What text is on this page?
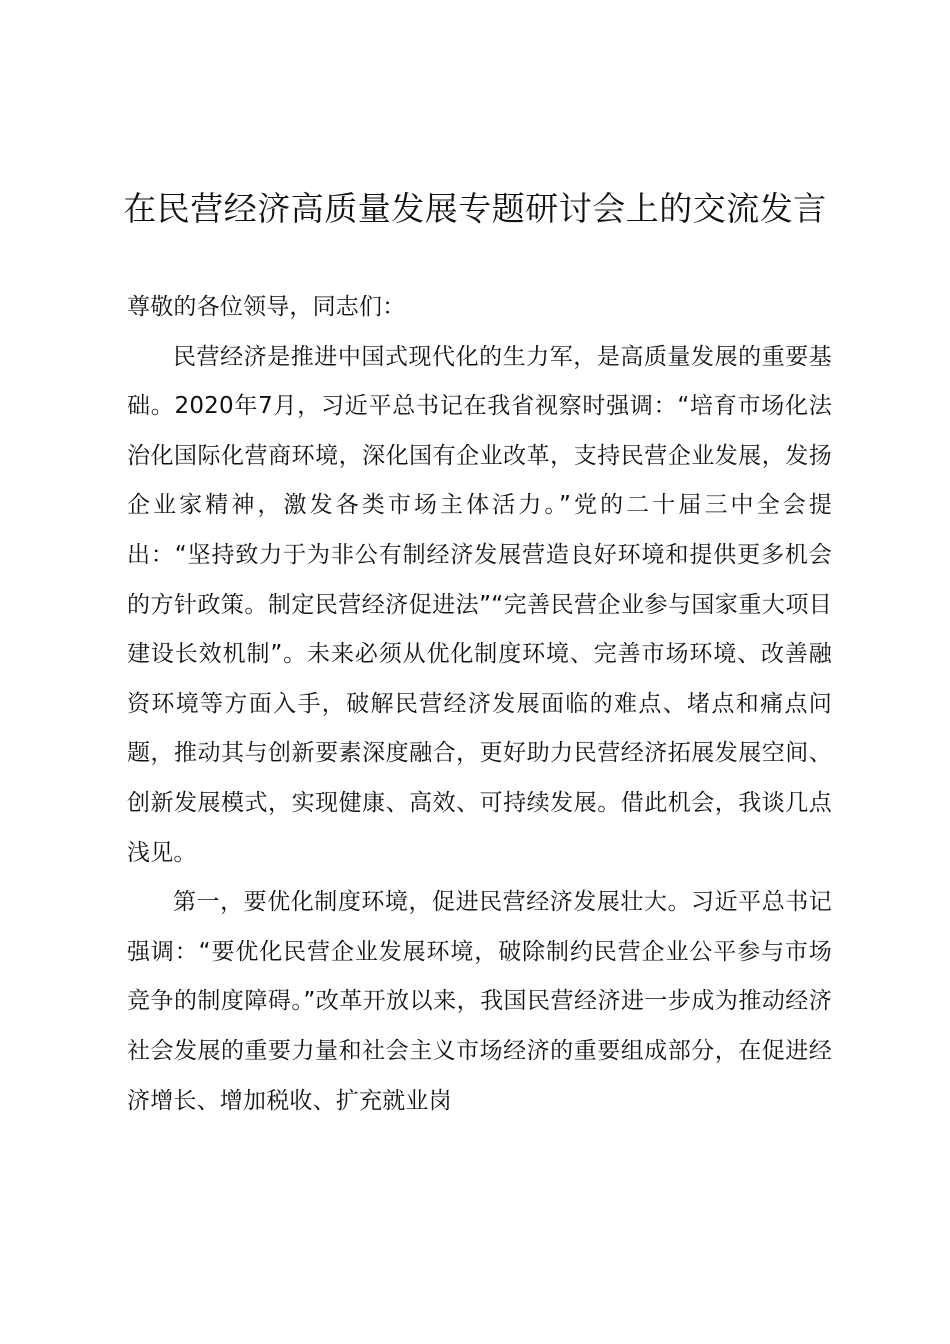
在民营经济高质量发展专题研讨会上的交流发言

尊敬的各位领导，同志们：

民营经济是推进中国式现代化的生力军，是高质量发展的重要基础。2020年7月，习近平总书记在我省视察时强调：“培育市场化法治化国际化营商环境，深化国有企业改革，支持民营企业发展，发扬企业家精神，激发各类市场主体活力。”党的二十届三中全会提出：“坚持致力于为非公有制经济发展营造良好环境和提供更多机会的方针政策。制定民营经济促进法”“完善民营企业参与国家重大项目建设长效机制”。未来必须从优化制度环境、完善市场环境、改善融资环境等方面入手，破解民营经济发展面临的难点、堵点和痛点问题，推动其与创新要素深度融合，更好助力民营经济拓展发展空间、创新发展模式，实现健康、高效、可持续发展。借此机会，我谈几点浅见。

第一，要优化制度环境，促进民营经济发展壮大。习近平总书记强调：“要优化民营企业发展环境，破除制约民营企业公平参与市场竞争的制度障碍。”改革开放以来，我国民营经济进一步成为推动经济社会发展的重要力量和社会主义市场经济的重要组成部分，在促进经济增长、增加税收、扩充就业岗
